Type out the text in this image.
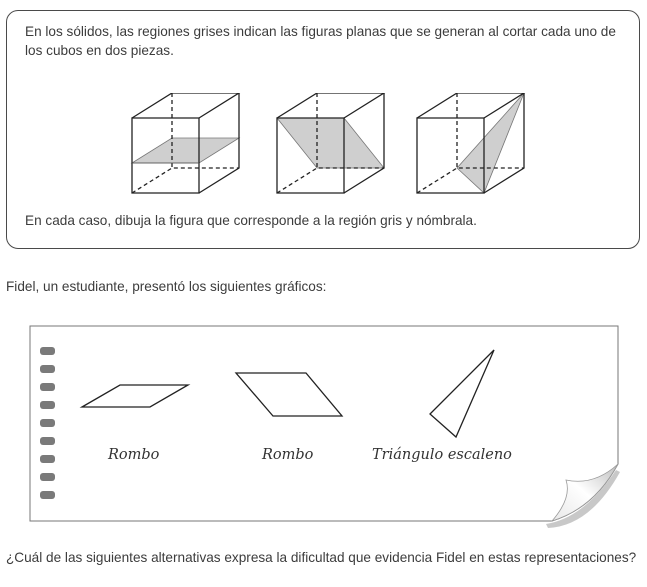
En los sólidos, las regiones grises indican las figuras planas que se generan al cortar cada uno de los cubos en dos piezas.
En cada caso, dibuja la figura que corresponde a la región gris y nómbrala.
Fidel, un estudiante, presentó los siguientes gráficos:
Rombo	Rombo	Triángulo escaleno
¿Cuál de las siguientes alternativas expresa la dificultad que evidencia Fidel en estas representaciones?
